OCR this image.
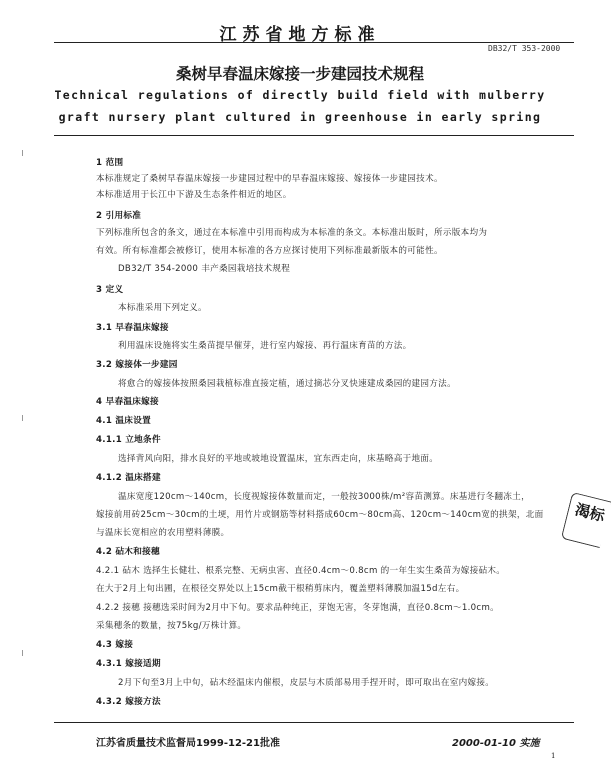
江苏省地方标准
DB32/T 353-2000
桑树早春温床嫁接一步建园技术规程
Technical regulations of directly build field with mulberry
graft nursery plant cultured in greenhouse in early spring
1 范围
本标准规定了桑树早春温床嫁接一步建园过程中的早春温床嫁接、嫁接体一步建园技术。
本标准适用于长江中下游及生态条件相近的地区。
2 引用标准
下列标准所包含的条文，通过在本标准中引用而构成为本标准的条文。本标准出版时，所示版本均为
有效。所有标准都会被修订，使用本标准的各方应探讨使用下列标准最新版本的可能性。
DB32/T 354-2000 丰产桑园栽培技术规程
3 定义
本标准采用下列定义。
3.1 早春温床嫁接
利用温床设施将实生桑苗提早催芽，进行室内嫁接、再行温床育苗的方法。
3.2 嫁接体一步建园
将愈合的嫁接体按照桑园栽植标准直接定植，通过摘芯分叉快速建成桑园的建园方法。
4 早春温床嫁接
4.1 温床设置
4.1.1 立地条件
选择背风向阳，排水良好的平地或坡地设置温床，宜东西走向，床基略高于地面。
4.1.2 温床搭建
温床宽度120cm～140cm，长度视嫁接体数量而定，一般按3000株/m²容苗测算。床基进行冬翻冻土，
嫁接前用砖25cm～30cm的土埂，用竹片或钢筋等材料搭成60cm～80cm高、120cm～140cm宽的拱架，北面
与温床长宽相应的农用塑料薄膜。
4.2 砧木和接穗
4.2.1 砧木 选择生长健壮、根系完整、无病虫害、直径0.4cm～0.8cm 的一年生实生桑苗为嫁接砧木。
在大于2月上旬出圃，在根径交界处以上15cm截干根稍剪床内，覆盖塑料薄膜加温15d左右。
4.2.2 接穗 接穗选采时间为2月中下旬。要求品种纯正，芽饱无害，冬芽饱满，直径0.8cm～1.0cm。
采集穗条的数量，按75kg/万株计算。
4.3 嫁接
4.3.1 嫁接适期
2月下旬至3月上中旬，砧木经温床内催根，皮层与木质部易用手捏开时，即可取出在室内嫁接。
4.3.2 嫁接方法
渴标
江苏省质量技术监督局1999-12-21批准	2000-01-10 实施
1
